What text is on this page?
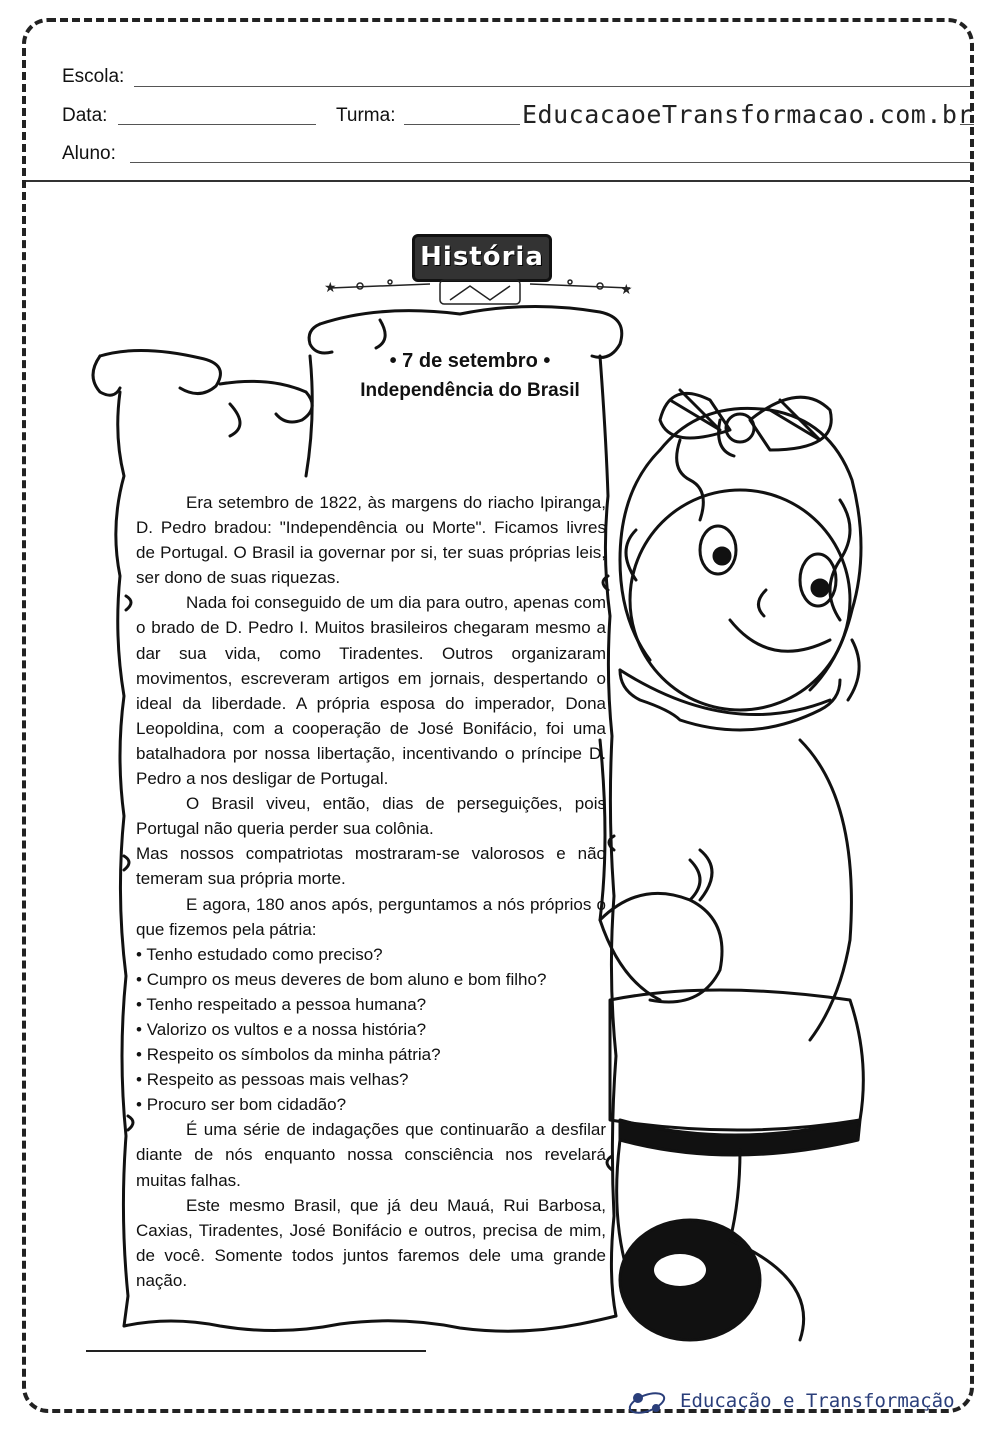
Escola:
Data:	Turma:	EducacaoeTransformacao.com.br
Aluno:
História
★	★
• 7 de setembro •
Independência do Brasil

Era setembro de 1822, às margens do riacho Ipiranga, D. Pedro bradou: "Independência ou Morte". Ficamos livres de Portugal. O Brasil ia governar por si, ter suas próprias leis, ser dono de suas riquezas.

Nada foi conseguido de um dia para outro, apenas com o brado de D. Pedro I. Muitos brasileiros chegaram mesmo a dar sua vida, como Tiradentes. Outros organizaram movimentos, escreveram artigos em jornais, despertando o ideal da liberdade. A própria esposa do imperador, Dona Leopoldina, com a cooperação de José Bonifácio, foi uma batalhadora por nossa libertação, incentivando o príncipe D. Pedro a nos desligar de Portugal.

O Brasil viveu, então, dias de perseguições, pois Portugal não queria perder sua colônia.

Mas nossos compatriotas mostraram-se valorosos e não temeram sua própria morte.

E agora, 180 anos após, perguntamos a nós próprios o que fizemos pela pátria:

• Tenho estudado como preciso?
• Cumpro os meus deveres de bom aluno e bom filho?
• Tenho respeitado a pessoa humana?
• Valorizo os vultos e a nossa história?
• Respeito os símbolos da minha pátria?
• Respeito as pessoas mais velhas?
• Procuro ser bom cidadão?

É uma série de indagações que continuarão a desfilar diante de nós enquanto nossa consciência nos revelará muitas falhas.

Este mesmo Brasil, que já deu Mauá, Rui Barbosa, Caxias, Tiradentes, José Bonifácio e outros, precisa de mim, de você. Somente todos juntos faremos dele uma grande nação.

Educação e Transformação
